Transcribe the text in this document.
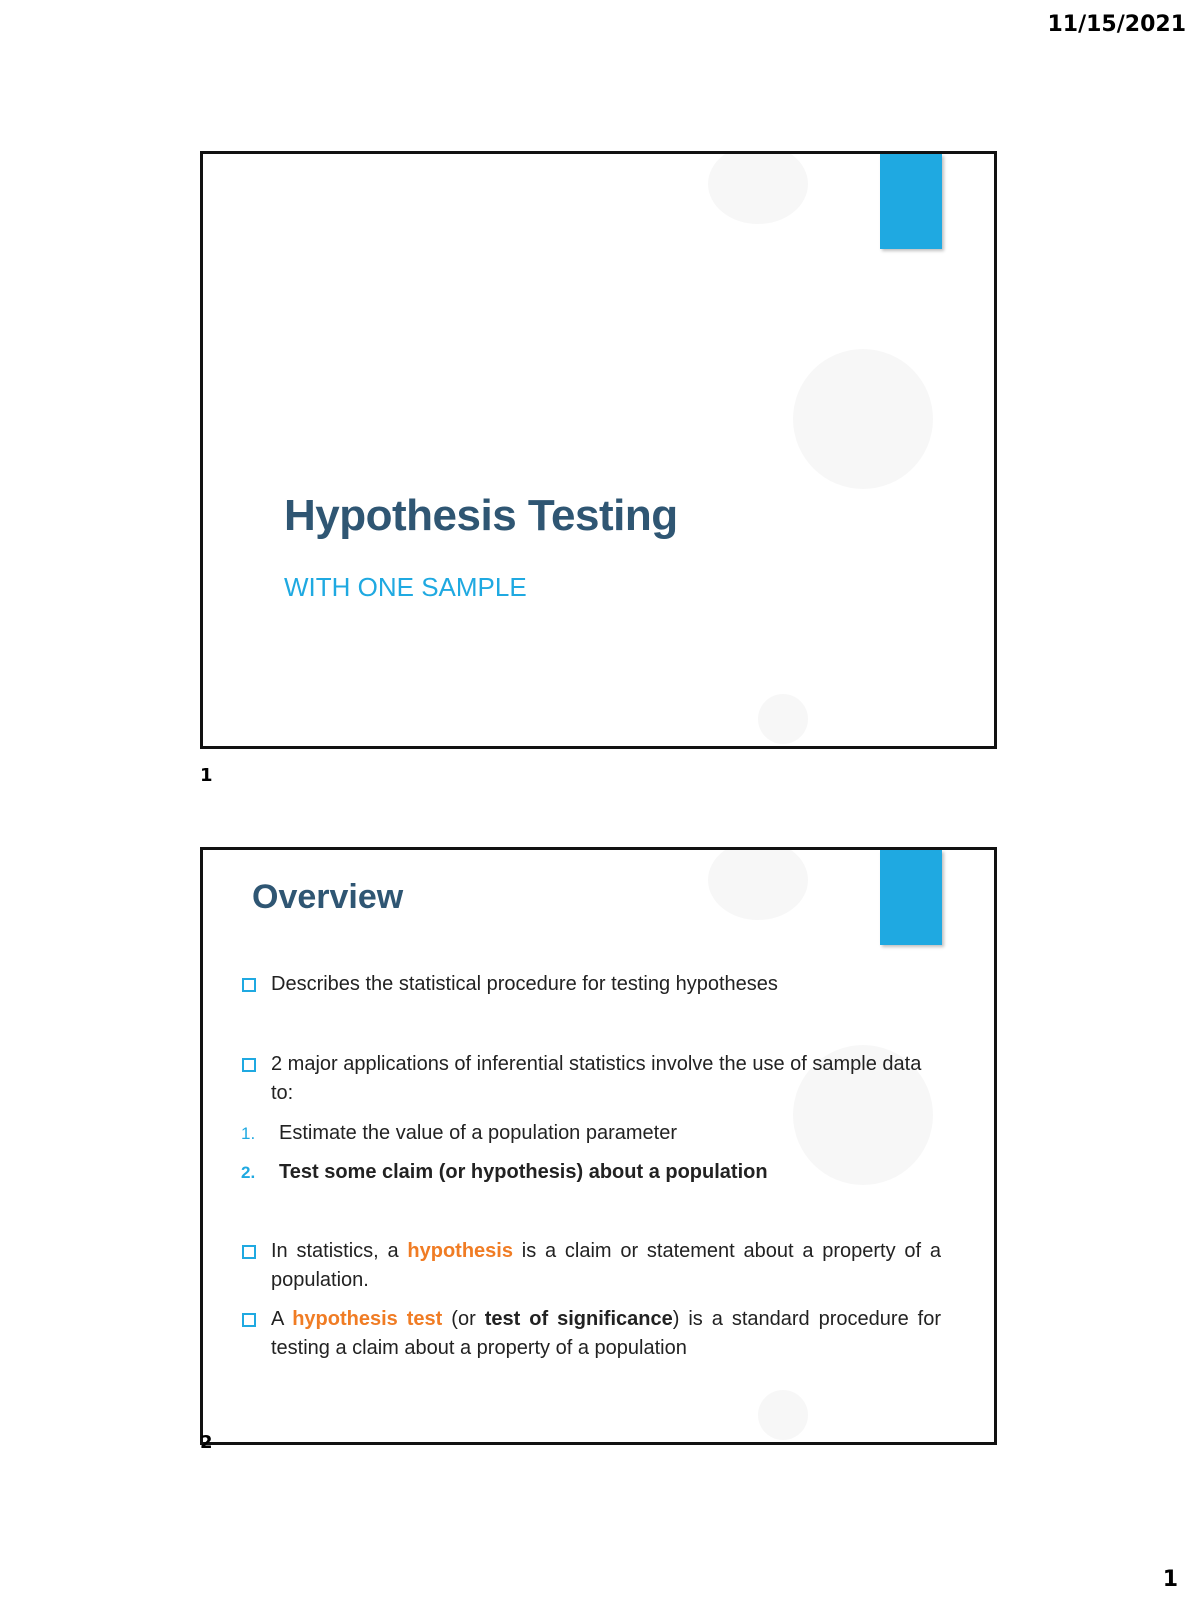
11/15/2021
Hypothesis Testing
WITH ONE SAMPLE
1
Overview
Describes the statistical procedure for testing hypotheses
2 major applications of inferential statistics involve the use of sample data to:
1. Estimate the value of a population parameter
2. Test some claim (or hypothesis) about a population
In statistics, a hypothesis is a claim or statement about a property of a population.
A hypothesis test (or test of significance) is a standard procedure for testing a claim about a property of a population
2
1
